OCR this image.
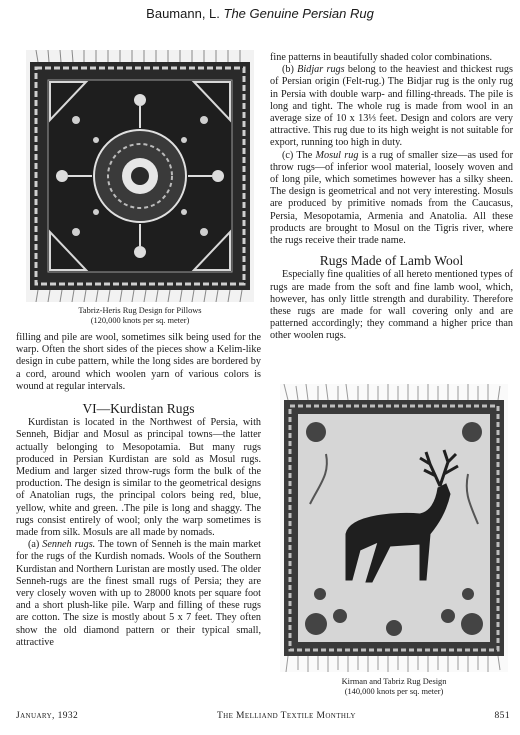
Baumann, L. The Genuine Persian Rug
Tabriz-Heris Rug Design for Pillows
(120,000 knots per sq. meter)

filling and pile are wool, sometimes silk being used for the warp. Often the short sides of the pieces show a Kelim-like design in cube pattern, while the long sides are bordered by a cord, around which woolen yarn of various colors is wound at regular intervals.

VI—Kurdistan Rugs

Kurdistan is located in the Northwest of Persia, with Senneh, Bidjar and Mosul as principal towns—the latter actually belonging to Mesopotamia. But many rugs produced in Persian Kurdistan are sold as Mosul rugs. Medium and larger sized throw-rugs form the bulk of the production. The design is similar to the geometrical designs of Anatolian rugs, the principal colors being red, blue, yellow, white and green. .The pile is long and shaggy. The rugs consist entirely of wool; only the warp sometimes is made from silk. Mosuls are all made by nomads.

(a) Senneh rugs. The town of Senneh is the main market for the rugs of the Kurdish nomads. Wools of the Southern Kurdistan and Northern Luristan are mostly used. The older Senneh-rugs are the finest small rugs of Persia; they are very closely woven with up to 28000 knots per square foot and a short plush-like pile. Warp and filling of these rugs are cotton. The size is mostly about 5 x 7 feet. They often show the old diamond pattern or their typical small, attractive

fine patterns in beautifully shaded color combinations.

(b) Bidjar rugs belong to the heaviest and thickest rugs of Persian origin (Felt-rug.) The Bidjar rug is the only rug in Persia with double warp- and filling-threads. The pile is long and tight. The whole rug is made from wool in an average size of 10 x 13⅓ feet. Design and colors are very attractive. This rug due to its high weight is not suitable for export, running too high in duty.

(c) The Mosul rug is a rug of smaller size—as used for throw rugs—of inferior wool material, loosely woven and of long pile, which sometimes however has a silky sheen. The design is geometrical and not very interesting. Mosuls are produced by primitive nomads from the Caucasus, Persia, Mesopotamia, Armenia and Anatolia. All these products are brought to Mosul on the Tigris river, where the rugs receive their trade name.

Rugs Made of Lamb Wool

Especially fine qualities of all hereto mentioned types of rugs are made from the soft and fine lamb wool, which, however, has only little strength and durability. Therefore these rugs are made for wall covering only and are patterned accordingly; they command a higher price than other woolen rugs.

Kirman and Tabriz Rug Design
(140,000 knots per sq. meter)
January, 1932	The Melliand Textile Monthly	851
